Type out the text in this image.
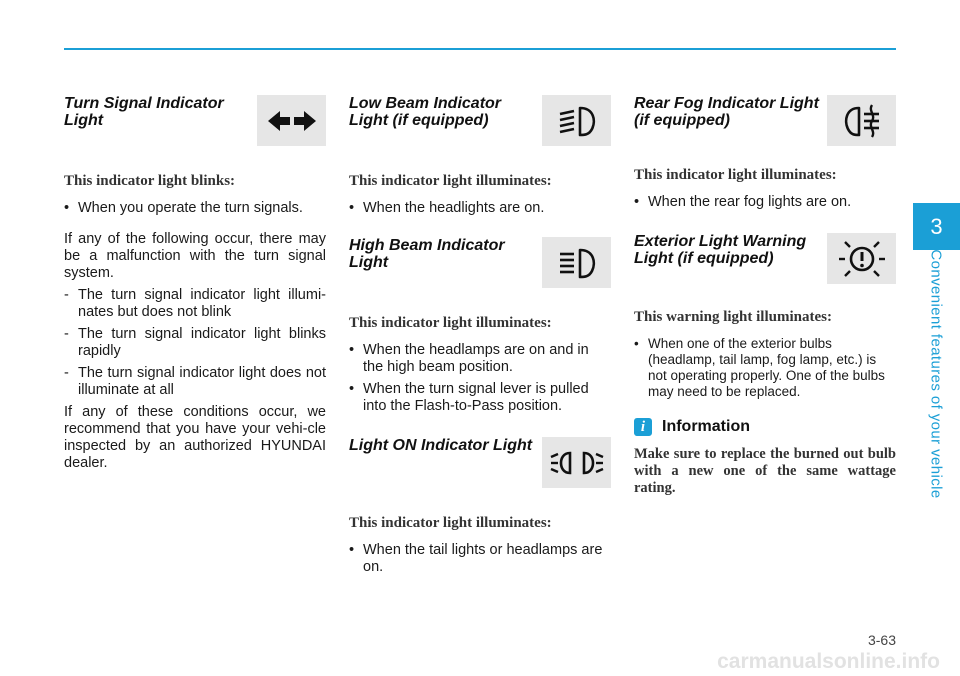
Turn Signal Indicator Light

This indicator light blinks:

• When you operate the turn signals.

If any of the following occur, there may be a malfunction with the turn signal system.

- The turn signal indicator light illumi-nates but does not blink

- The turn signal indicator light blinks rapidly

- The turn signal indicator light does not illuminate at all

If any of these conditions occur, we recommend that you have your vehi-cle inspected by an authorized HYUNDAI dealer.

Low Beam Indicator Light (if equipped)

This indicator light illuminates:

• When the headlights are on.

High Beam Indicator Light

This indicator light illuminates:

• When the headlamps are on and in the high beam position.

• When the turn signal lever is pulled into the Flash-to-Pass position.

Light ON Indicator Light

This indicator light illuminates:

• When the tail lights or headlamps are on.

Rear Fog Indicator Light (if equipped)

This indicator light illuminates:

• When the rear fog lights are on.

Exterior Light Warning Light (if equipped)

This warning light illuminates:

• When one of the exterior bulbs (headlamp, tail lamp, fog lamp, etc.) is not operating properly. One of the bulbs may need to be replaced.

i	Information

Make sure to replace the burned out bulb with a new one of the same wattage rating.

3
Convenient features of your vehicle
3-63
carmanualsonline.info
